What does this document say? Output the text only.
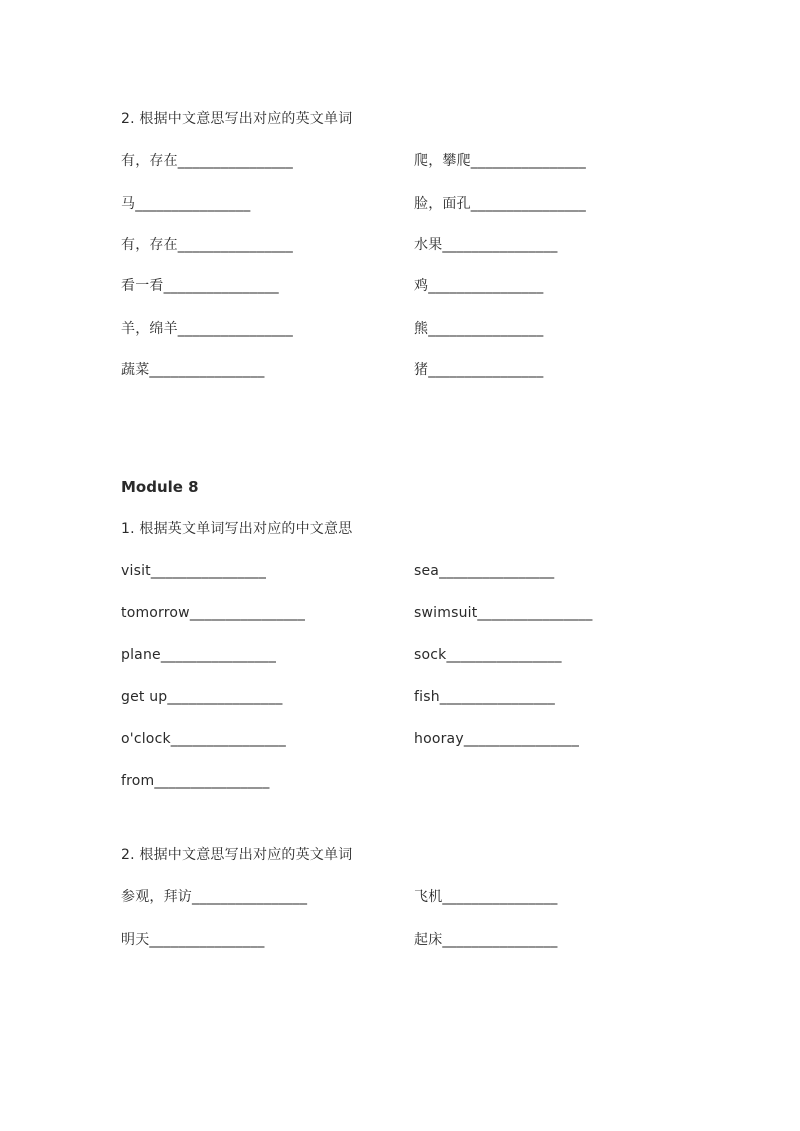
2. 根据中文意思写出对应的英文单词
有，存在________________	爬，攀爬________________
马________________	脸，面孔________________
有，存在________________	水果________________
看一看________________	鸡________________
羊，绵羊________________	熊________________
蔬菜________________	猪________________
Module 8
1. 根据英文单词写出对应的中文意思
visit________________	sea________________
tomorrow________________	swimsuit________________
plane________________	sock________________
get up________________	fish________________
o'clock________________	hooray________________
from________________
2. 根据中文意思写出对应的英文单词
参观，拜访________________	飞机________________
明天________________	起床________________
